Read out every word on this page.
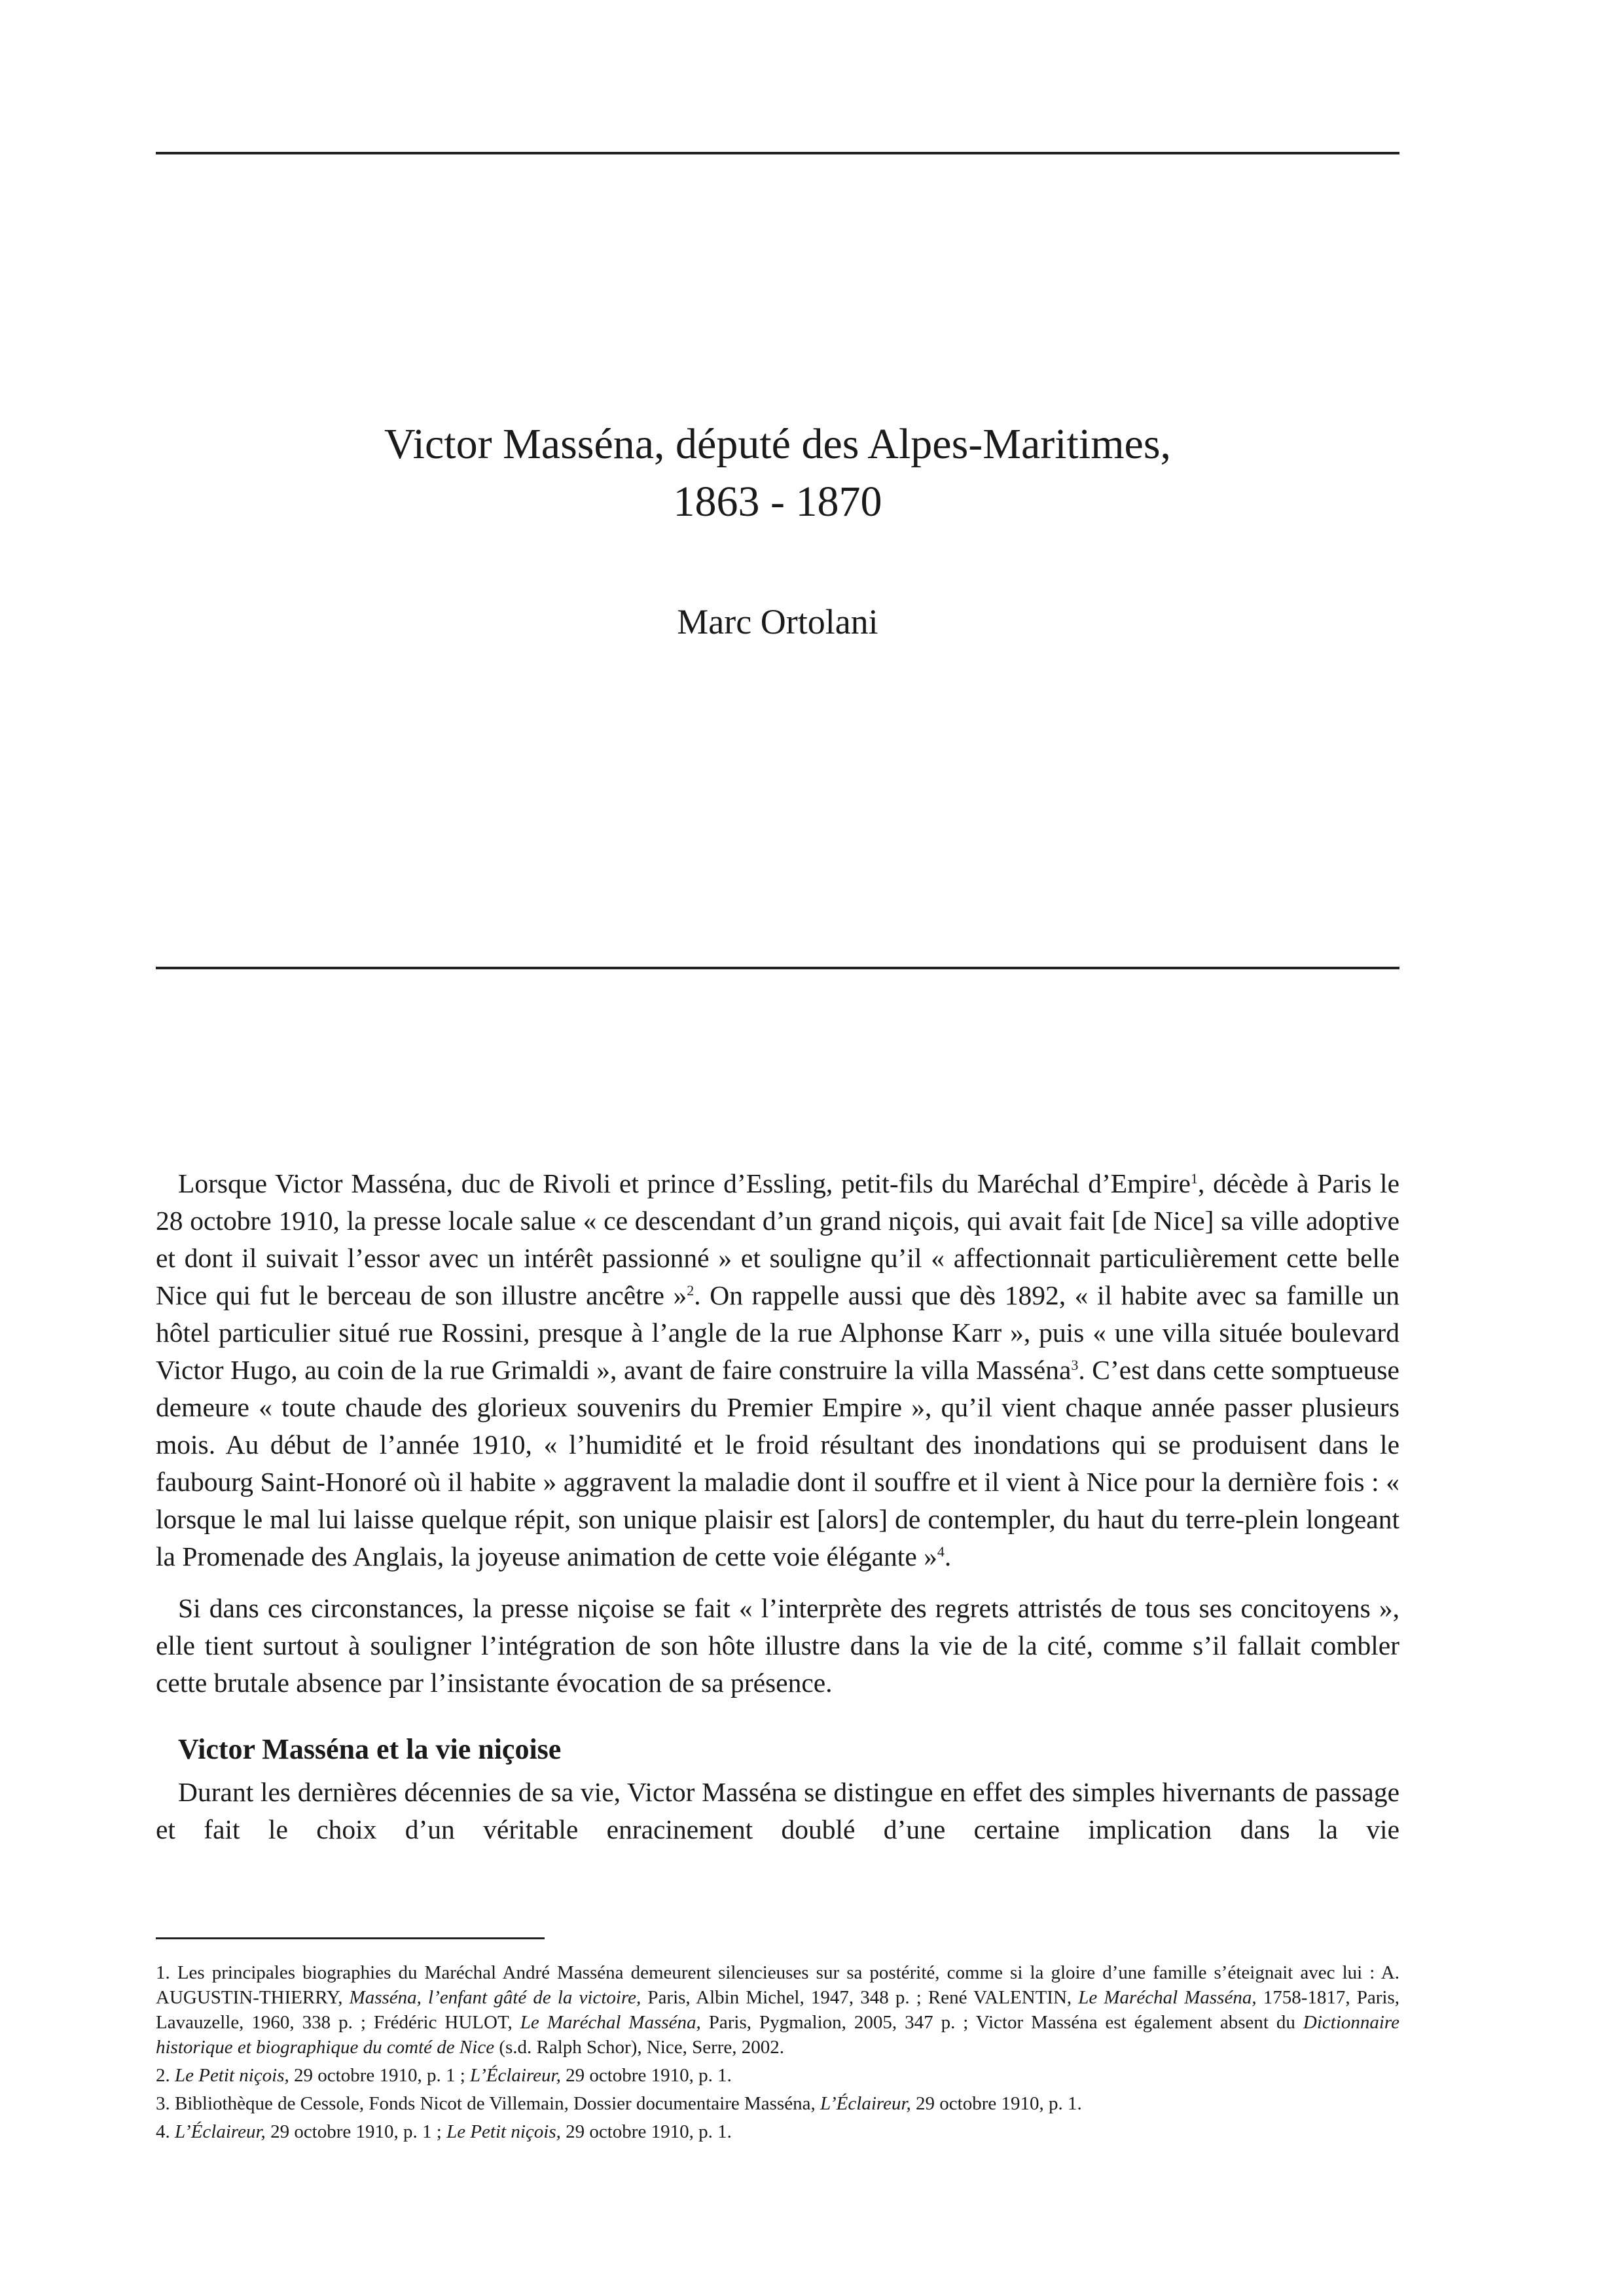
Victor Masséna, député des Alpes-Maritimes,
1863 - 1870
Marc Ortolani

Lorsque Victor Masséna, duc de Rivoli et prince d’Essling, petit-fils du Maréchal d’Empire$^1$, décède à Paris le 28 octobre 1910, la presse locale salue « ce descendant d’un grand niçois, qui avait fait [de Nice] sa ville adoptive et dont il suivait l’essor avec un intérêt passionné » et souligne qu’il « affectionnait particulièrement cette belle Nice qui fut le berceau de son illustre ancêtre »$^2$. On rappelle aussi que dès 1892, « il habite avec sa famille un hôtel particulier situé rue Rossini, presque à l’angle de la rue Alphonse Karr », puis « une villa située boulevard Victor Hugo, au coin de la rue Grimaldi », avant de faire construire la villa Masséna$^3$. C’est dans cette somptueuse demeure « toute chaude des glorieux souvenirs du Premier Empire », qu’il vient chaque année passer plusieurs mois. Au début de l’année 1910, « l’humidité et le froid résultant des inondations qui se produisent dans le faubourg Saint-Honoré où il habite » aggravent la maladie dont il souffre et il vient à Nice pour la dernière fois : « lorsque le mal lui laisse quelque répit, son unique plaisir est [alors] de contempler, du haut du terre-plein longeant la Promenade des Anglais, la joyeuse animation de cette voie élégante »$^4$.

Si dans ces circonstances, la presse niçoise se fait « l’interprète des regrets attristés de tous ses concitoyens », elle tient surtout à souligner l’intégration de son hôte illustre dans la vie de la cité, comme s’il fallait combler cette brutale absence par l’insistante évocation de sa présence.

Victor Masséna et la vie niçoise

Durant les dernières décennies de sa vie, Victor Masséna se distingue en effet des simples hivernants de passage et fait le choix d’un véritable enracinement doublé d’une certaine implication dans la vie

1. Les principales biographies du Maréchal André Masséna demeurent silencieuses sur sa postérité, comme si la gloire d’une famille s’éteignait avec lui : A. AUGUSTIN-THIERRY, Masséna, l’enfant gâté de la victoire, Paris, Albin Michel, 1947, 348 p. ; René VALENTIN, Le Maréchal Masséna, 1758-1817, Paris, Lavauzelle, 1960, 338 p. ; Frédéric HULOT, Le Maréchal Masséna, Paris, Pygmalion, 2005, 347 p. ; Victor Masséna est également absent du Dictionnaire historique et biographique du comté de Nice (s.d. Ralph Schor), Nice, Serre, 2002.

2. Le Petit niçois, 29 octobre 1910, p. 1 ; L’Éclaireur, 29 octobre 1910, p. 1.

3. Bibliothèque de Cessole, Fonds Nicot de Villemain, Dossier documentaire Masséna, L’Éclaireur, 29 octobre 1910, p. 1.

4. L’Éclaireur, 29 octobre 1910, p. 1 ; Le Petit niçois, 29 octobre 1910, p. 1.
